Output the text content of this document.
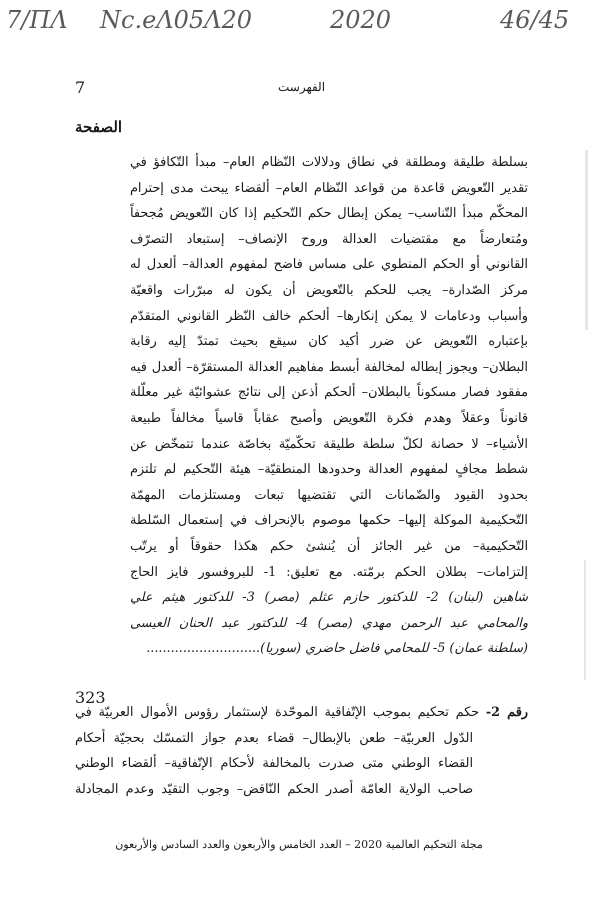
7/ΠΛ Nc.eΛ05Λ20	2020	46/45
7	الفهرست
الصفحة
بسلطة طليقة ومطلقة في نطاق ودلالات النّظام العام– مبدأ التّكافؤ في
تقدير التّعويض قاعدة من قواعد النّظام العام– ألقضاء يبحث مدى إحترام
المحكّم مبدأ التّناسب– يمكن إبطال حكم التّحكيم إذا كان التّعويض مُجحفاً
ومُتعارضاً مع مقتضيات العدالة وروح الإنصاف– إستبعاد التصرّف
القانوني أو الحكم المنطوي على مساس فاضح لمفهوم العدالة– ألعدل له
مركز الصّدارة– يجب للحكم بالتّعويض أن يكون له مبرّرات واقعيّة
وأسباب ودعامات لا يمكن إنكارها– ألحكم خالف النّظر القانوني المتقدّم
بإعتباره التّعويض عن ضرر أكيد كان سيقع بحيث تمتدّ إليه رقابة
البطلان– ويجوز إبطاله لمخالفة أبسط مفاهيم العدالة المستقرّة– ألعدل فيه
مفقود فصار مسكوناً بالبطلان– ألحكم أذعن إلى نتائج عشوائيّة غير معلّلة
قانوناً وعقلاً وهدم فكرة التّعويض وأصبح عقاباً قاسياً مخالفاً طبيعة
الأشياء– لا حصانة لكلّ سلطة طليقة تحكّميّة بخاصّة عندما تتمخّض عن
شطط مجافٍ لمفهوم العدالة وحدودها المنطقيّة– هيئة التّحكيم لم تلتزم
بحدود القيود والضّمانات التي تقتضيها تبعات ومستلزمات المهمّة
التّحكيمية الموكلة إليها– حكمها موصوم بالإنحراف في إستعمال السّلطة
التّحكيمية– من غير الجائز أن يُنشئ حكم هكذا حقوقاً أو يرتّب
إلتزامات– بطلان الحكم برمّته. مع تعليق: 1- للبروفسور فايز الحاج
شاهين (لبنان) 2- للدكتور حازم عثلم (مصر) 3- للدكتور هيثم علي
والمحامي عبد الرحمن مهدي (مصر) 4- للدكتور عبد الحنان العيسى
(سلطنة عمان) 5- للمحامي فاضل حاضري (سوريا)............................
323
رقم 2- حكم تحكيم بموجب الإتّفاقية الموحّدة لإستثمار رؤوس الأموال العربيّة في
الدّول العربيّة– طعن بالإبطال– قضاء بعدم جواز التمسّك بحجيّة أحكام
القضاء الوطني متى صدرت بالمخالفة لأحكام الإتّفاقية– ألقضاء الوطني
صاحب الولاية العامّة أصدر الحكم النّاقض– وجوب التقيّد وعدم المجادلة
مجلة التحكيم العالمية 2020 – العدد الخامس والأربعون والعدد السادس والأربعون
